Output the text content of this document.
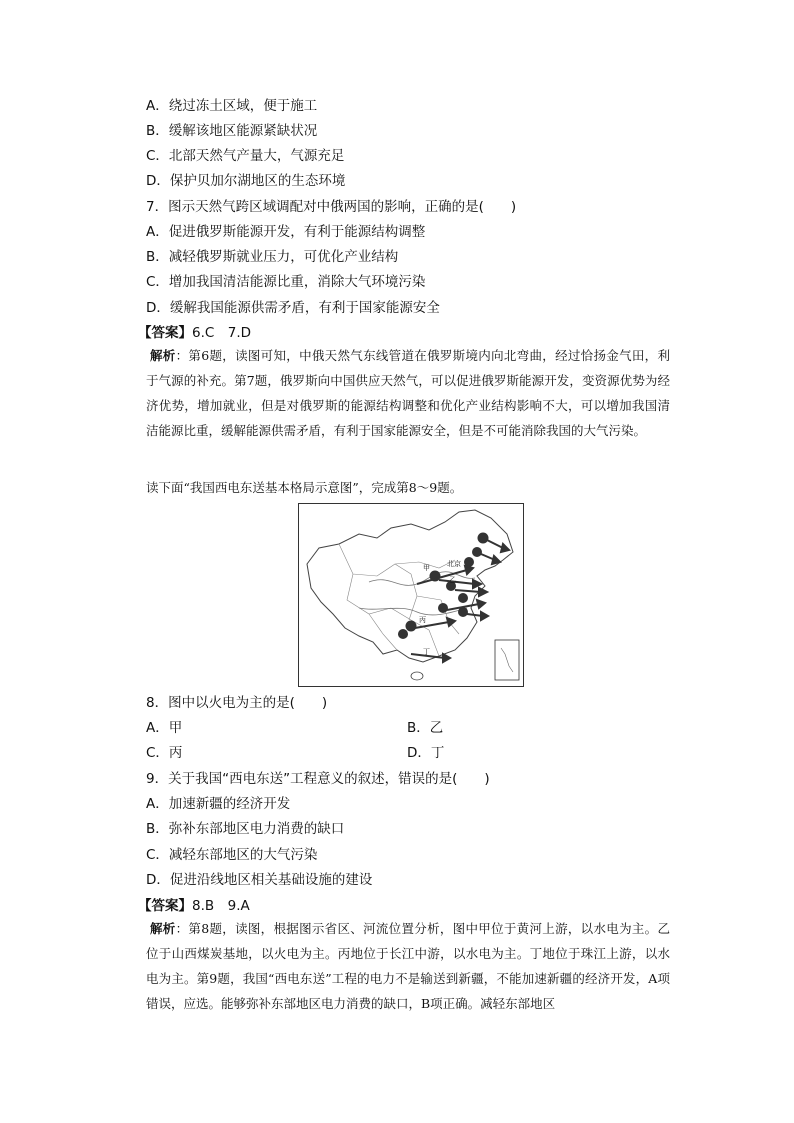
A．绕过冻土区域，便于施工
B．缓解该地区能源紧缺状况
C．北部天然气产量大，气源充足
D．保护贝加尔湖地区的生态环境
7．图示天然气跨区域调配对中俄两国的影响，正确的是(　　)
A．促进俄罗斯能源开发，有利于能源结构调整
B．减轻俄罗斯就业压力，可优化产业结构
C．增加我国清洁能源比重，消除大气环境污染
D．缓解我国能源供需矛盾，有利于国家能源安全
【答案】6.C　7.D
解析：第6题，读图可知，中俄天然气东线管道在俄罗斯境内向北弯曲，经过恰扬金气田，利于气源的补充。第7题，俄罗斯向中国供应天然气，可以促进俄罗斯能源开发，变资源优势为经济优势，增加就业，但是对俄罗斯的能源结构调整和优化产业结构影响不大，可以增加我国清洁能源比重，缓解能源供需矛盾，有利于国家能源安全，但是不可能消除我国的大气污染。
读下面“我国西电东送基本格局示意图”，完成第8～9题。
北京
甲
乙
丙
丁
8．图中以火电为主的是(　　)
A．甲	B．乙
C．丙	D．丁
9．关于我国“西电东送”工程意义的叙述，错误的是(　　)
A．加速新疆的经济开发
B．弥补东部地区电力消费的缺口
C．减轻东部地区的大气污染
D．促进沿线地区相关基础设施的建设
【答案】8.B　9.A
解析：第8题，读图，根据图示省区、河流位置分析，图中甲位于黄河上游，以水电为主。乙位于山西煤炭基地，以火电为主。丙地位于长江中游，以水电为主。丁地位于珠江上游，以水电为主。第9题，我国“西电东送”工程的电力不是输送到新疆，不能加速新疆的经济开发，A项错误，应选。能够弥补东部地区电力消费的缺口，B项正确。减轻东部地区
